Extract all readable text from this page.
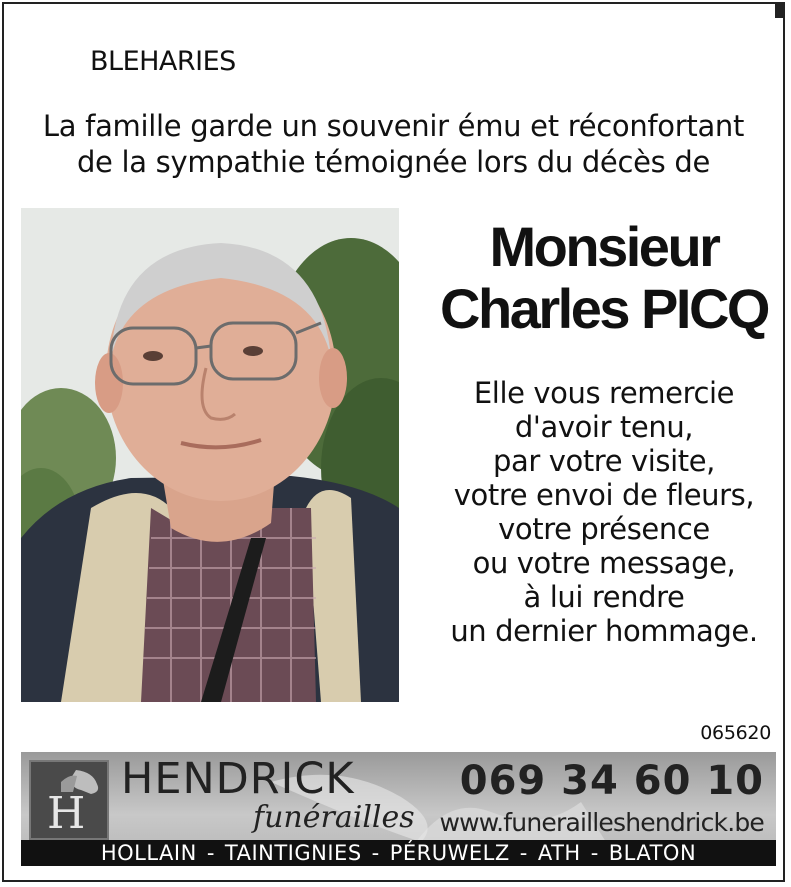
BLEHARIES
La famille garde un souvenir ému et réconfortant
de la sympathie témoignée lors du décès de
Monsieur
Charles PICQ
Elle vous remercie
d'avoir tenu,
par votre visite,
votre envoi de fleurs,
votre présence
ou votre message,
à lui rendre
un dernier hommage.
065620
H
HENDRICK
funérailles
069 34 60 10
www.funerailleshendrick.be
HOLLAIN - TAINTIGNIES - PÉRUWELZ - ATH - BLATON
